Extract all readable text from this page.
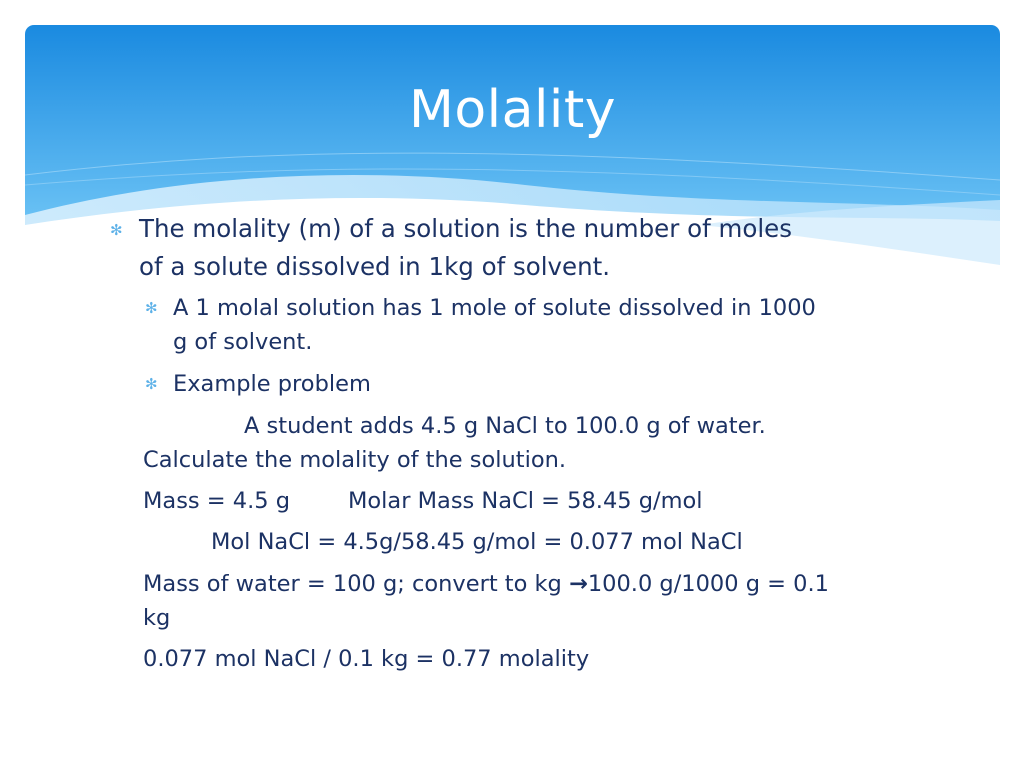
Molality
✻ The molality (m) of a solution is the number of moles
of a solute dissolved in 1kg of solvent.
✻ A 1 molal solution has 1 mole of solute dissolved in 1000
g of solvent.
✻ Example problem
A student adds 4.5 g NaCl to 100.0 g of water.
Calculate the molality of the solution.
Mass = 4.5 g	Molar Mass NaCl = 58.45 g/mol
Mol NaCl = 4.5g/58.45 g/mol = 0.077 mol NaCl
Mass of water = 100 g; convert to kg →100.0 g/1000 g = 0.1
kg
0.077 mol NaCl / 0.1 kg = 0.77 molality
